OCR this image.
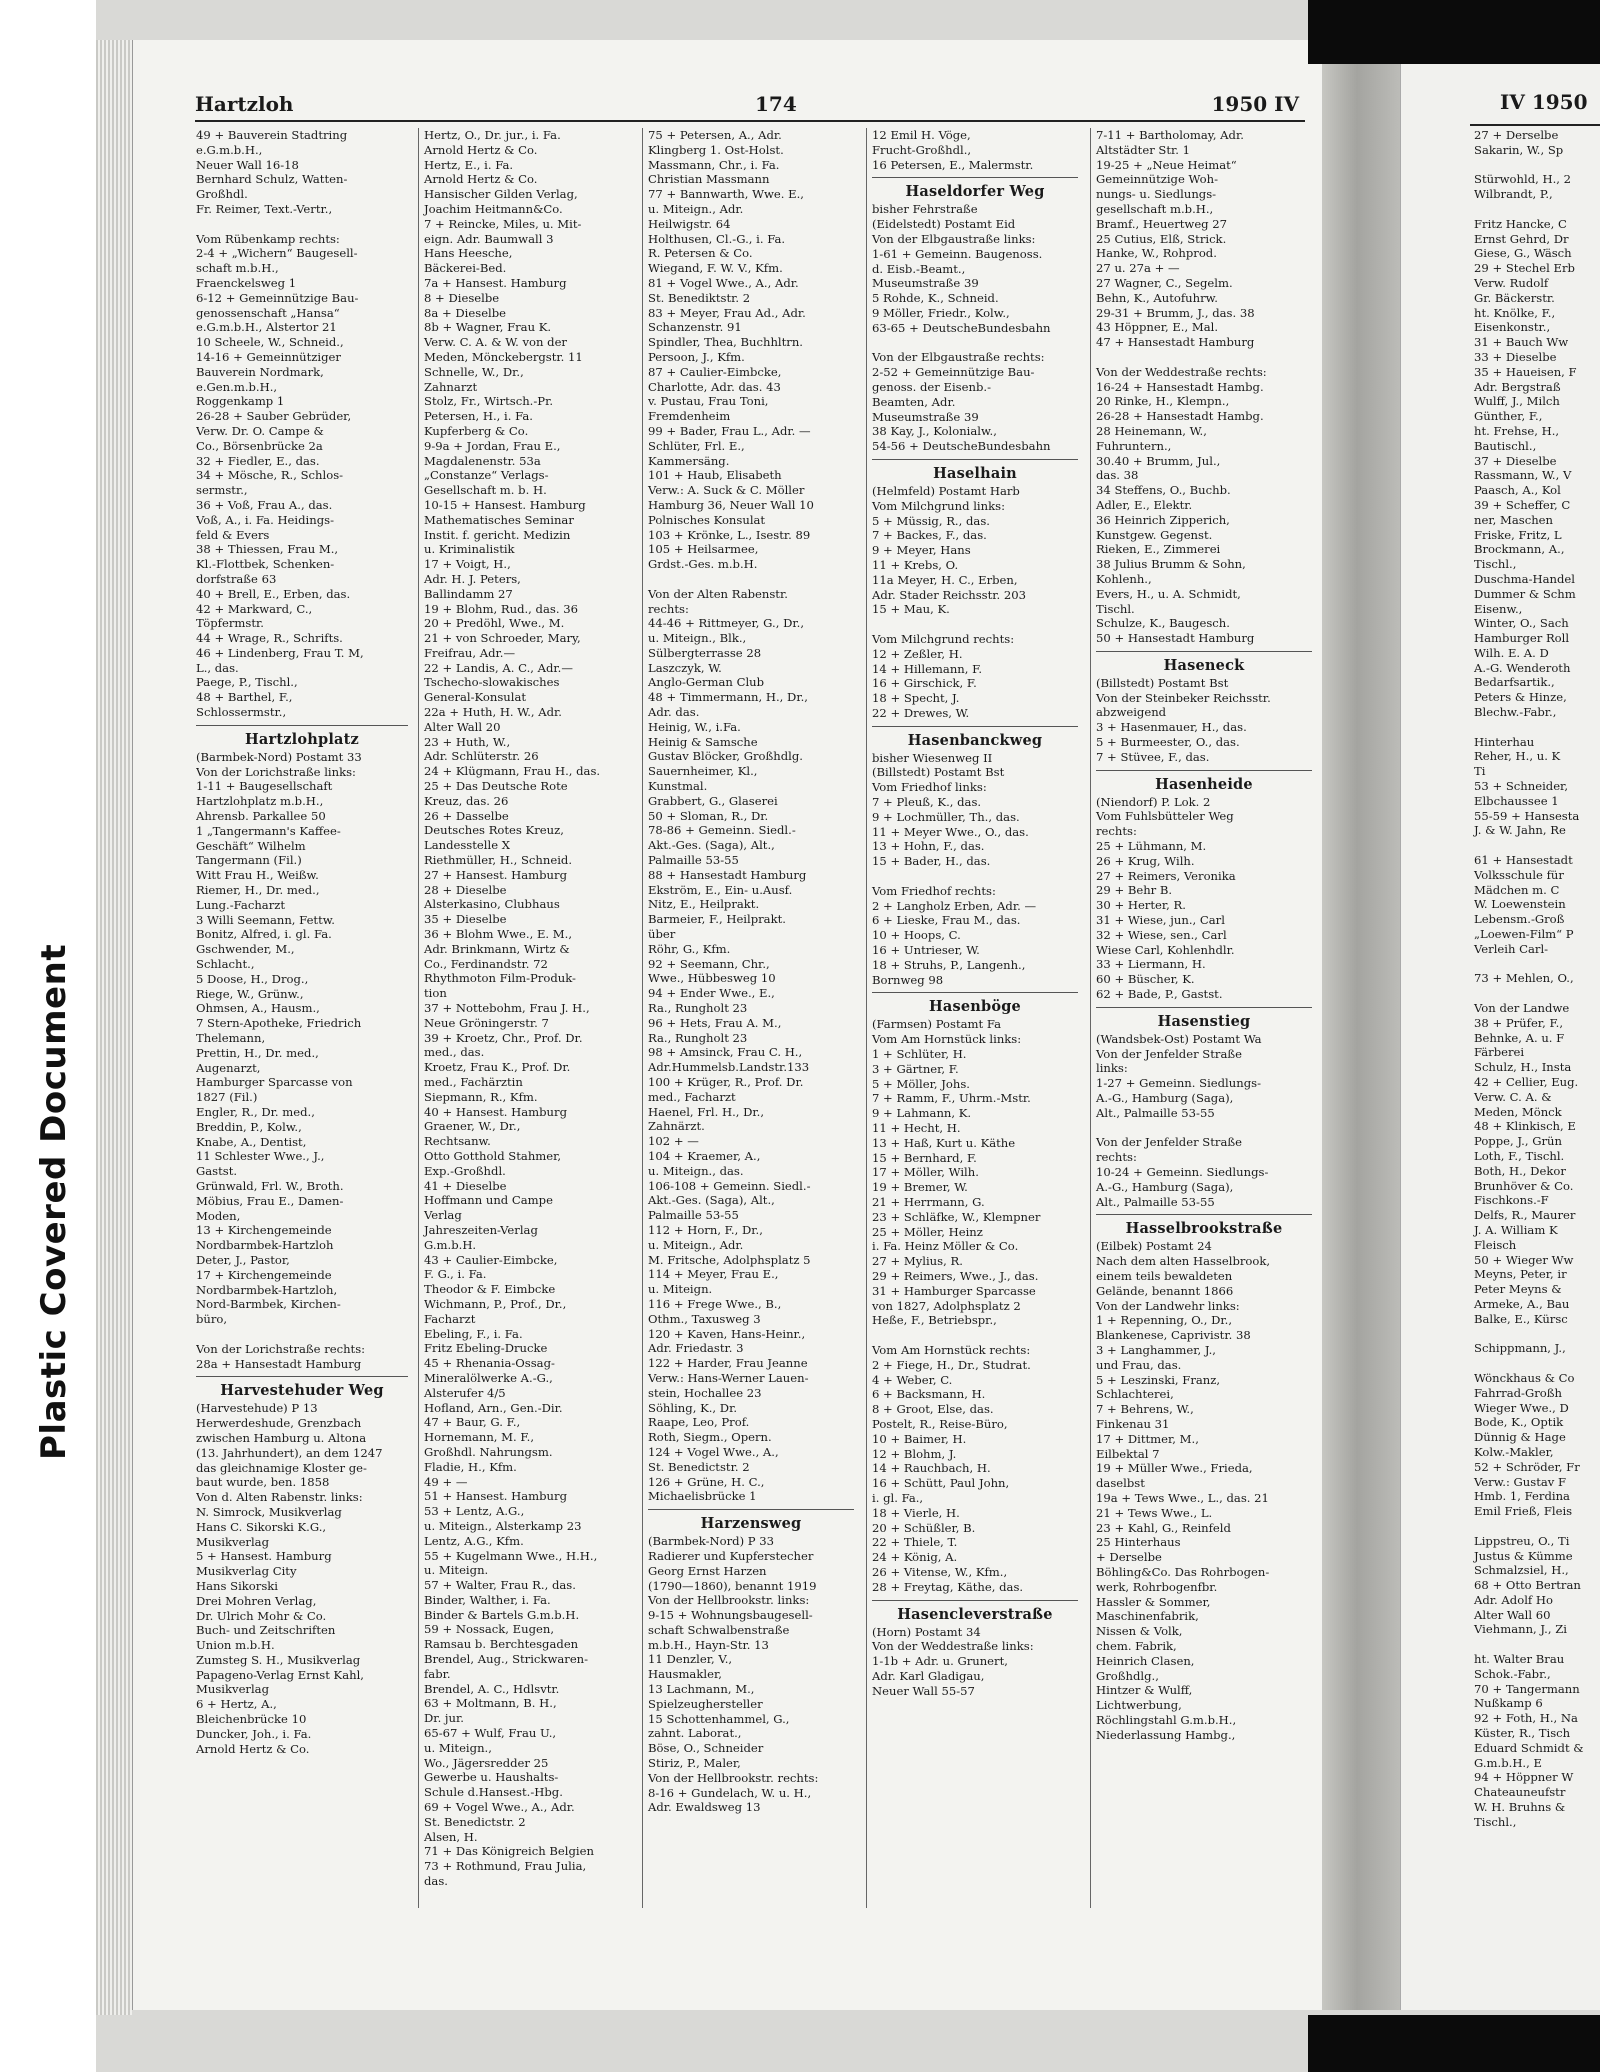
Plastic Covered Document
Hartzloh	174	1950 IV	IV 1950
49 + Bauverein Stadtring
e.G.m.b.H.,
Neuer Wall 16-18
Bernhard Schulz, Watten-
Großhdl.
Fr. Reimer, Text.-Vertr.,

Vom Rübenkamp rechts:
2-4 + „Wichern“ Baugesell-
schaft m.b.H.,
Fraenckelsweg 1
6-12 + Gemeinnützige Bau-
genossenschaft „Hansa“
e.G.m.b.H., Alstertor 21
10 Scheele, W., Schneid.,
14-16 + Gemeinnütziger
Bauverein Nordmark,
e.Gen.m.b.H.,
Roggenkamp 1
26-28 + Sauber Gebrüder,
Verw. Dr. O. Campe &
Co., Börsenbrücke 2a
32 + Fiedler, E., das.
34 + Mösche, R., Schlos-
sermstr.,
36 + Voß, Frau A., das.
Voß, A., i. Fa. Heidings-
feld & Evers
38 + Thiessen, Frau M.,
Kl.-Flottbek, Schenken-
dorfstraße 63
40 + Brell, E., Erben, das.
42 + Markward, C.,
Töpfermstr.
44 + Wrage, R., Schrifts.
46 + Lindenberg, Frau T. M,
L., das.
Paege, P., Tischl.,
48 + Barthel, F.,
Schlossermstr.,
Hartzlohplatz
(Barmbek-Nord) Postamt 33
Von der Lorichstraße links:
1-11 + Baugesellschaft
Hartzlohplatz m.b.H.,
Ahrensb. Parkallee 50
1 „Tangermann's Kaffee-
Geschäft“ Wilhelm
Tangermann (Fil.)
Witt Frau H., Weißw.
Riemer, H., Dr. med.,
Lung.-Facharzt
3 Willi Seemann, Fettw.
Bonitz, Alfred, i. gl. Fa.
Gschwender, M.,
Schlacht.,
5 Doose, H., Drog.,
Riege, W., Grünw.,
Ohmsen, A., Hausm.,
7 Stern-Apotheke, Friedrich
Thelemann,
Prettin, H., Dr. med.,
Augenarzt,
Hamburger Sparcasse von
1827 (Fil.)
Engler, R., Dr. med.,
Breddin, P., Kolw.,
Knabe, A., Dentist,
11 Schlester Wwe., J.,
Gastst.
Grünwald, Frl. W., Broth.
Möbius, Frau E., Damen-
Moden,
13 + Kirchengemeinde
Nordbarmbek-Hartzloh
Deter, J., Pastor,
17 + Kirchengemeinde
Nordbarmbek-Hartzloh,
Nord-Barmbek, Kirchen-
büro,

Von der Lorichstraße rechts:
28a + Hansestadt Hamburg
Harvestehuder Weg
(Harvestehude) P 13
Herwerdeshude, Grenzbach
zwischen Hamburg u. Altona
(13. Jahrhundert), an dem 1247
das gleichnamige Kloster ge-
baut wurde, ben. 1858
Von d. Alten Rabenstr. links:
N. Simrock, Musikverlag
Hans C. Sikorski K.G.,
Musikverlag
5 + Hansest. Hamburg
Musikverlag City
Hans Sikorski
Drei Mohren Verlag,
Dr. Ulrich Mohr & Co.
Buch- und Zeitschriften
Union m.b.H.
Zumsteg S. H., Musikverlag
Papageno-Verlag Ernst Kahl,
Musikverlag
6 + Hertz, A.,
Bleichenbrücke 10
Duncker, Joh., i. Fa.
Arnold Hertz & Co.
Hertz, O., Dr. jur., i. Fa.
Arnold Hertz & Co.
Hertz, E., i. Fa.
Arnold Hertz & Co.
Hansischer Gilden Verlag,
Joachim Heitmann&Co.
7 + Reincke, Miles, u. Mit-
eign. Adr. Baumwall 3
Hans Heesche,
Bäckerei-Bed.
7a + Hansest. Hamburg
8 + Dieselbe
8a + Dieselbe
8b + Wagner, Frau K.
Verw. C. A. & W. von der
Meden, Mönckebergstr. 11
Schnelle, W., Dr.,
Zahnarzt
Stolz, Fr., Wirtsch.-Pr.
Petersen, H., i. Fa.
Kupferberg & Co.
9-9a + Jordan, Frau E.,
Magdalenenstr. 53a
„Constanze“ Verlags-
Gesellschaft m. b. H.
10-15 + Hansest. Hamburg
Mathematisches Seminar
Instit. f. gericht. Medizin
u. Kriminalistik
17 + Voigt, H.,
Adr. H. J. Peters,
Ballindamm 27
19 + Blohm, Rud., das. 36
20 + Predöhl, Wwe., M.
21 + von Schroeder, Mary,
Freifrau, Adr.—
22 + Landis, A. C., Adr.—
Tschecho-slowakisches
General-Konsulat
22a + Huth, H. W., Adr.
Alter Wall 20
23 + Huth, W.,
Adr. Schlüterstr. 26
24 + Klügmann, Frau H., das.
25 + Das Deutsche Rote
Kreuz, das. 26
26 + Dasselbe
Deutsches Rotes Kreuz,
Landesstelle X
Riethmüller, H., Schneid.
27 + Hansest. Hamburg
28 + Dieselbe
Alsterkasino, Clubhaus
35 + Dieselbe
36 + Blohm Wwe., E. M.,
Adr. Brinkmann, Wirtz &
Co., Ferdinandstr. 72
Rhythmoton Film-Produk-
tion
37 + Nottebohm, Frau J. H.,
Neue Gröningerstr. 7
39 + Kroetz, Chr., Prof. Dr.
med., das.
Kroetz, Frau K., Prof. Dr.
med., Fachärztin
Siepmann, R., Kfm.
40 + Hansest. Hamburg
Graener, W., Dr.,
Rechtsanw.
Otto Gotthold Stahmer,
Exp.-Großhdl.
41 + Dieselbe
Hoffmann und Campe
Verlag
Jahreszeiten-Verlag
G.m.b.H.
43 + Caulier-Eimbcke,
F. G., i. Fa.
Theodor & F. Eimbcke
Wichmann, P., Prof., Dr.,
Facharzt
Ebeling, F., i. Fa.
Fritz Ebeling-Drucke
45 + Rhenania-Ossag-
Mineralölwerke A.-G.,
Alsterufer 4/5
Hofland, Arn., Gen.-Dir.
47 + Baur, G. F.,
Hornemann, M. F.,
Großhdl. Nahrungsm.
Fladie, H., Kfm.
49 + —
51 + Hansest. Hamburg
53 + Lentz, A.G.,
u. Miteign., Alsterkamp 23
Lentz, A.G., Kfm.
55 + Kugelmann Wwe., H.H.,
u. Miteign.
57 + Walter, Frau R., das.
Binder, Walther, i. Fa.
Binder & Bartels G.m.b.H.
59 + Nossack, Eugen,
Ramsau b. Berchtesgaden
Brendel, Aug., Strickwaren-
fabr.
Brendel, A. C., Hdlsvtr.
63 + Moltmann, B. H.,
Dr. jur.
65-67 + Wulf, Frau U.,
u. Miteign.,
Wo., Jägersredder 25
Gewerbe u. Haushalts-
Schule d.Hansest.-Hbg.
69 + Vogel Wwe., A., Adr.
St. Benedictstr. 2
Alsen, H.
71 + Das Königreich Belgien
73 + Rothmund, Frau Julia,
das.
75 + Petersen, A., Adr.
Klingberg 1. Ost-Holst.
Massmann, Chr., i. Fa.
Christian Massmann
77 + Bannwarth, Wwe. E.,
u. Miteign., Adr.
Heilwigstr. 64
Holthusen, Cl.-G., i. Fa.
R. Petersen & Co.
Wiegand, F. W. V., Kfm.
81 + Vogel Wwe., A., Adr.
St. Benediktstr. 2
83 + Meyer, Frau Ad., Adr.
Schanzenstr. 91
Spindler, Thea, Buchhltrn.
Persoon, J., Kfm.
87 + Caulier-Eimbcke,
Charlotte, Adr. das. 43
v. Pustau, Frau Toni,
Fremdenheim
99 + Bader, Frau L., Adr. —
Schlüter, Frl. E.,
Kammersäng.
101 + Haub, Elisabeth
Verw.: A. Suck & C. Möller
Hamburg 36, Neuer Wall 10
Polnisches Konsulat
103 + Krönke, L., Isestr. 89
105 + Heilsarmee,
Grdst.-Ges. m.b.H.

Von der Alten Rabenstr.
rechts:
44-46 + Rittmeyer, G., Dr.,
u. Miteign., Blk.,
Sülbergterrasse 28
Laszczyk, W.
Anglo-German Club
48 + Timmermann, H., Dr.,
Adr. das.
Heinig, W., i.Fa.
Heinig & Samsche
Gustav Blöcker, Großhdlg.
Sauernheimer, Kl.,
Kunstmal.
Grabbert, G., Glaserei
50 + Sloman, R., Dr.
78-86 + Gemeinn. Siedl.-
Akt.-Ges. (Saga), Alt.,
Palmaille 53-55
88 + Hansestadt Hamburg
Ekström, E., Ein- u.Ausf.
Nitz, E., Heilprakt.
Barmeier, F., Heilprakt.
über
Röhr, G., Kfm.
92 + Seemann, Chr.,
Wwe., Hübbesweg 10
94 + Ender Wwe., E.,
Ra., Rungholt 23
96 + Hets, Frau A. M.,
Ra., Rungholt 23
98 + Amsinck, Frau C. H.,
Adr.Hummelsb.Landstr.133
100 + Krüger, R., Prof. Dr.
med., Facharzt
Haenel, Frl. H., Dr.,
Zahnärzt.
102 + —
104 + Kraemer, A.,
u. Miteign., das.
106-108 + Gemeinn. Siedl.-
Akt.-Ges. (Saga), Alt.,
Palmaille 53-55
112 + Horn, F., Dr.,
u. Miteign., Adr.
M. Fritsche, Adolphsplatz 5
114 + Meyer, Frau E.,
u. Miteign.
116 + Frege Wwe., B.,
Othm., Taxusweg 3
120 + Kaven, Hans-Heinr.,
Adr. Friedastr. 3
122 + Harder, Frau Jeanne
Verw.: Hans-Werner Lauen-
stein, Hochallee 23
Söhling, K., Dr.
Raape, Leo, Prof.
Roth, Siegm., Opern.
124 + Vogel Wwe., A.,
St. Benedictstr. 2
126 + Grüne, H. C.,
Michaelisbrücke 1
Harzensweg
(Barmbek-Nord) P 33
Radierer und Kupferstecher
Georg Ernst Harzen
(1790—1860), benannt 1919
Von der Hellbrookstr. links:
9-15 + Wohnungsbaugesell-
schaft Schwalbenstraße
m.b.H., Hayn-Str. 13
11 Denzler, V.,
Hausmakler,
13 Lachmann, M.,
Spielzeughersteller
15 Schottenhammel, G.,
zahnt. Laborat.,
Böse, O., Schneider
Stiriz, P., Maler,
Von der Hellbrookstr. rechts:
8-16 + Gundelach, W. u. H.,
Adr. Ewaldsweg 13
12 Emil H. Vöge,
Frucht-Großhdl.,
16 Petersen, E., Malermstr.
Haseldorfer Weg
bisher Fehrstraße
(Eidelstedt) Postamt Eid
Von der Elbgaustraße links:
1-61 + Gemeinn. Baugenoss.
d. Eisb.-Beamt.,
Museumstraße 39
5 Rohde, K., Schneid.
9 Möller, Friedr., Kolw.,
63-65 + DeutscheBundesbahn

Von der Elbgaustraße rechts:
2-52 + Gemeinnützige Bau-
genoss. der Eisenb.-
Beamten, Adr.
Museumstraße 39
38 Kay, J., Kolonialw.,
54-56 + DeutscheBundesbahn
Haselhain
(Helmfeld) Postamt Harb
Vom Milchgrund links:
5 + Müssig, R., das.
7 + Backes, F., das.
9 + Meyer, Hans
11 + Krebs, O.
11a Meyer, H. C., Erben,
Adr. Stader Reichsstr. 203
15 + Mau, K.

Vom Milchgrund rechts:
12 + Zeßler, H.
14 + Hillemann, F.
16 + Girschick, F.
18 + Specht, J.
22 + Drewes, W.
Hasenbanckweg
bisher Wiesenweg II
(Billstedt) Postamt Bst
Vom Friedhof links:
7 + Pleuß, K., das.
9 + Lochmüller, Th., das.
11 + Meyer Wwe., O., das.
13 + Hohn, F., das.
15 + Bader, H., das.

Vom Friedhof rechts:
2 + Langholz Erben, Adr. —
6 + Lieske, Frau M., das.
10 + Hoops, C.
16 + Untrieser, W.
18 + Struhs, P., Langenh.,
Bornweg 98
Hasenböge
(Farmsen) Postamt Fa
Vom Am Hornstück links:
1 + Schlüter, H.
3 + Gärtner, F.
5 + Möller, Johs.
7 + Ramm, F., Uhrm.-Mstr.
9 + Lahmann, K.
11 + Hecht, H.
13 + Haß, Kurt u. Käthe
15 + Bernhard, F.
17 + Möller, Wilh.
19 + Bremer, W.
21 + Herrmann, G.
23 + Schläfke, W., Klempner
25 + Möller, Heinz
i. Fa. Heinz Möller & Co.
27 + Mylius, R.
29 + Reimers, Wwe., J., das.
31 + Hamburger Sparcasse
von 1827, Adolphsplatz 2
Heße, F., Betriebspr.,

Vom Am Hornstück rechts:
2 + Fiege, H., Dr., Studrat.
4 + Weber, C.
6 + Backsmann, H.
8 + Groot, Else, das.
Postelt, R., Reise-Büro,
10 + Baimer, H.
12 + Blohm, J.
14 + Rauchbach, H.
16 + Schütt, Paul John,
i. gl. Fa.,
18 + Vierle, H.
20 + Schüßler, B.
22 + Thiele, T.
24 + König, A.
26 + Vitense, W., Kfm.,
28 + Freytag, Käthe, das.
Hasencleverstraße
(Horn) Postamt 34
Von der Weddestraße links:
1-1b + Adr. u. Grunert,
Adr. Karl Gladigau,
Neuer Wall 55-57
7-11 + Bartholomay, Adr.
Altstädter Str. 1
19-25 + „Neue Heimat“
Gemeinnützige Woh-
nungs- u. Siedlungs-
gesellschaft m.b.H.,
Bramf., Heuertweg 27
25 Cutius, Elß, Strick.
Hanke, W., Rohprod.
27 u. 27a + —
27 Wagner, C., Segelm.
Behn, K., Autofuhrw.
29-31 + Brumm, J., das. 38
43 Höppner, E., Mal.
47 + Hansestadt Hamburg

Von der Weddestraße rechts:
16-24 + Hansestadt Hambg.
20 Rinke, H., Klempn.,
26-28 + Hansestadt Hambg.
28 Heinemann, W.,
Fuhruntern.,
30.40 + Brumm, Jul.,
das. 38
34 Steffens, O., Buchb.
Adler, E., Elektr.
36 Heinrich Zipperich,
Kunstgew. Gegenst.
Rieken, E., Zimmerei
38 Julius Brumm & Sohn,
Kohlenh.,
Evers, H., u. A. Schmidt,
Tischl.
Schulze, K., Baugesch.
50 + Hansestadt Hamburg
Haseneck
(Billstedt) Postamt Bst
Von der Steinbeker Reichsstr.
abzweigend
3 + Hasenmauer, H., das.
5 + Burmeester, O., das.
7 + Stüvee, F., das.
Hasenheide
(Niendorf) P. Lok. 2
Vom Fuhlsbütteler Weg
rechts:
25 + Lühmann, M.
26 + Krug, Wilh.
27 + Reimers, Veronika
29 + Behr B.
30 + Herter, R.
31 + Wiese, jun., Carl
32 + Wiese, sen., Carl
Wiese Carl, Kohlenhdlr.
33 + Liermann, H.
60 + Büscher, K.
62 + Bade, P., Gastst.
Hasenstieg
(Wandsbek-Ost) Postamt Wa
Von der Jenfelder Straße
links:
1-27 + Gemeinn. Siedlungs-
A.-G., Hamburg (Saga),
Alt., Palmaille 53-55

Von der Jenfelder Straße
rechts:
10-24 + Gemeinn. Siedlungs-
A.-G., Hamburg (Saga),
Alt., Palmaille 53-55
Hasselbrookstraße
(Eilbek) Postamt 24
Nach dem alten Hasselbrook,
einem teils bewaldeten
Gelände, benannt 1866
Von der Landwehr links:
1 + Repenning, O., Dr.,
Blankenese, Caprivistr. 38
3 + Langhammer, J.,
und Frau, das.
5 + Leszinski, Franz,
Schlachterei,
7 + Behrens, W.,
Finkenau 31
17 + Dittmer, M.,
Eilbektal 7
19 + Müller Wwe., Frieda,
daselbst
19a + Tews Wwe., L., das. 21
21 + Tews Wwe., L.
23 + Kahl, G., Reinfeld
25 Hinterhaus
+ Derselbe
Böhling&Co. Das Rohrbogen-
werk, Rohrbogenfbr.
Hassler & Sommer,
Maschinenfabrik,
Nissen & Volk,
chem. Fabrik,
Heinrich Clasen,
Großhdlg.,
Hintzer & Wulff,
Lichtwerbung,
Röchlingstahl G.m.b.H.,
Niederlassung Hambg.,
27 + Derselbe
Sakarin, W., Sp

Stürwohld, H., 2
Wilbrandt, P.,

Fritz Hancke, C
Ernst Gehrd, Dr
Giese, G., Wäsch
29 + Stechel Erb
Verw. Rudolf
Gr. Bäckerstr.
ht. Knölke, F.,
Eisenkonstr.,
31 + Bauch Ww
33 + Dieselbe
35 + Haueisen, F
Adr. Bergstraß
Wulff, J., Milch
Günther, F.,
ht. Frehse, H.,
Bautischl.,
37 + Dieselbe
Rassmann, W., V
Paasch, A., Kol
39 + Scheffer, C
ner, Maschen
Friske, Fritz, L
Brockmann, A.,
Tischl.,
Duschma-Handel
Dummer & Schm
Eisenw.,
Winter, O., Sach
Hamburger Roll
Wilh. E. A. D
A.-G. Wenderoth
Bedarfsartik.,
Peters & Hinze,
Blechw.-Fabr.,

Hinterhau
Reher, H., u. K
Ti
53 + Schneider,
Elbchaussee 1
55-59 + Hansesta
J. & W. Jahn, Re

61 + Hansestadt
Volksschule für
Mädchen m. C
W. Loewenstein
Lebensm.-Groß
„Loewen-Film“ P
Verleih Carl-

73 + Mehlen, O.,

Von der Landwe
38 + Prüfer, F.,
Behnke, A. u. F
Färberei
Schulz, H., Insta
42 + Cellier, Eug.
Verw. C. A. &
Meden, Mönck
48 + Klinkisch, E
Poppe, J., Grün
Loth, F., Tischl.
Both, H., Dekor
Brunhöver & Co.
Fischkons.-F
Delfs, R., Maurer
J. A. William K
Fleisch
50 + Wieger Ww
Meyns, Peter, ir
Peter Meyns &
Armeke, A., Bau
Balke, E., Kürsc

Schippmann, J.,

Wönckhaus & Co
Fahrrad-Großh
Wieger Wwe., D
Bode, K., Optik
Dünnig & Hage
Kolw.-Makler,
52 + Schröder, Fr
Verw.: Gustav F
Hmb. 1, Ferdina
Emil Frieß, Fleis

Lippstreu, O., Ti
Justus & Kümme
Schmalzsiel, H.,
68 + Otto Bertran
Adr. Adolf Ho
Alter Wall 60
Viehmann, J., Zi

ht. Walter Brau
Schok.-Fabr.,
70 + Tangermann
Nußkamp 6
92 + Foth, H., Na
Küster, R., Tisch
Eduard Schmidt &
G.m.b.H., E
94 + Höppner W
Chateauneufstr
W. H. Bruhns &
Tischl.,
